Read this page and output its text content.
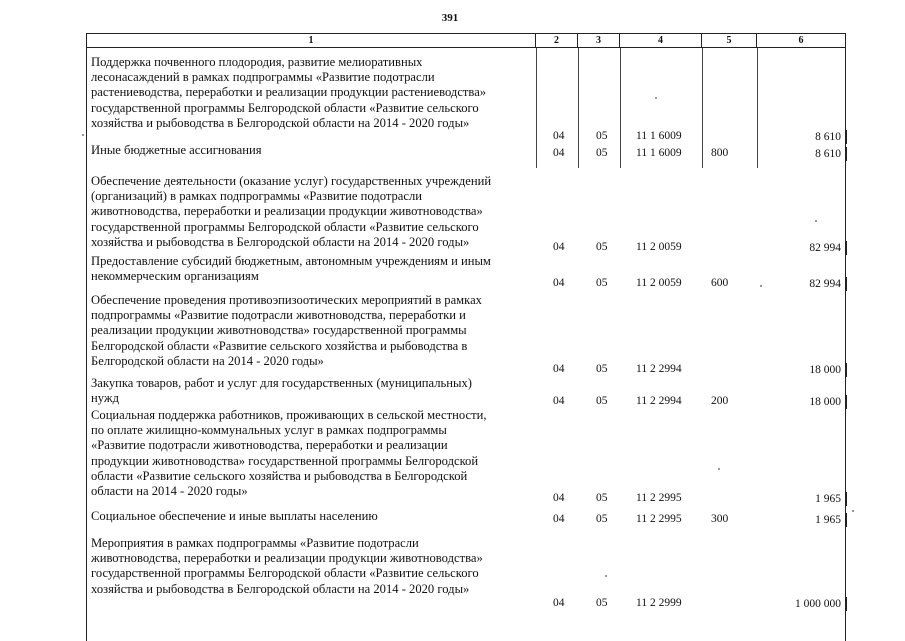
391
1	2	3	4	5	6
Поддержка почвенного плодородия, развитие мелиоративных
лесонасаждений в рамках подпрограммы «Развитие подотрасли
растениеводства, переработки и реализации продукции растениеводства»
государственной программы Белгородской области «Развитие сельского
хозяйства и рыбоводства в Белгородской области на 2014 - 2020 годы»
04	05 11 1 6009	8 610
Иные бюджетные ассигнования	04	05 11 1 6009	800	8 610
Обеспечение деятельности (оказание услуг) государственных учреждений
(организаций) в рамках подпрограммы «Развитие подотрасли
животноводства, переработки и реализации продукции животноводства»
государственной программы Белгородской области «Развитие сельского
хозяйства и рыбоводства в Белгородской области на 2014 - 2020 годы»	04	05 11 2 0059	82 994
Предоставление субсидий бюджетным, автономным учреждениям и иным
некоммерческим организациям	04	05 11 2 0059	600	82 994
Обеспечение проведения противоэпизоотических мероприятий в рамках
подпрограммы «Развитие подотрасли животноводства, переработки и
реализации продукции животноводства» государственной программы
Белгородской области «Развитие сельского хозяйства и рыбоводства в
Белгородской области на 2014 - 2020 годы»
04	05 11 2 2994	18 000
Закупка товаров, работ и услуг для государственных (муниципальных)
нужд	04	05 11 2 2994	200	18 000
Социальная поддержка работников, проживающих в сельской местности,
по оплате жилищно-коммунальных услуг в рамках подпрограммы
«Развитие подотрасли животноводства, переработки и реализации
продукции животноводства» государственной программы Белгородской
области «Развитие сельского хозяйства и рыбоводства в Белгородской
области на 2014 - 2020 годы»	04	05 11 2 2995	1 965
Социальное обеспечение и иные выплаты населению	04	05 11 2 2995	300	1 965
Мероприятия в рамках подпрограммы «Развитие подотрасли
животноводства, переработки и реализации продукции животноводства»
государственной программы Белгородской области «Развитие сельского
хозяйства и рыбоводства в Белгородской области на 2014 - 2020 годы»
04	05 11 2 2999	1 000 000
